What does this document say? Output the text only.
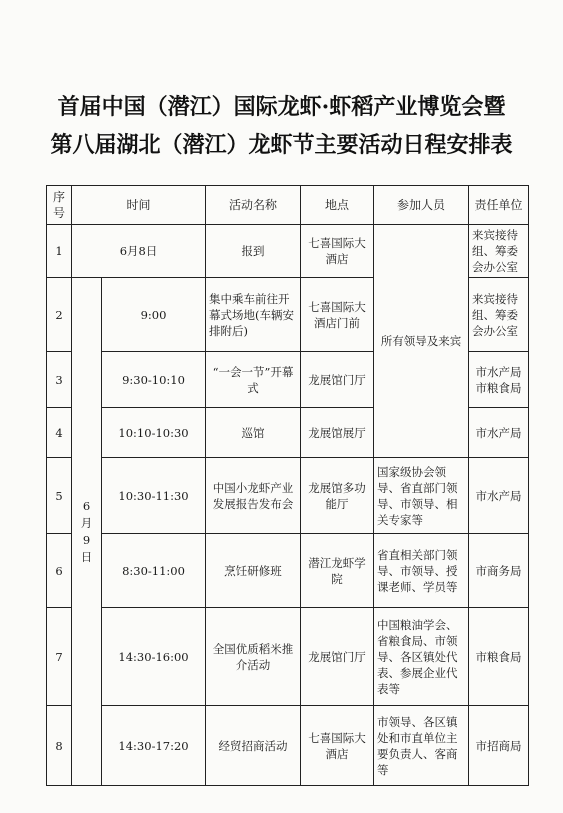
首届中国（潜江）国际龙虾·虾稻产业博览会暨
第八届湖北（潜江）龙虾节主要活动日程安排表
序号	时间		活动名称	地点	参加人员	责任单位
1	6月8日		报到	七喜国际大酒店	所有领导及来宾	来宾接待组、筹委会办公室
2	6月9日	9:00	集中乘车前往开幕式场地(车辆安排附后)	七喜国际大酒店门前		来宾接待组、筹委会办公室
3		9:30-10:10	“一会一节”开幕式	龙展馆门厅		市水产局市粮食局
4		10:10-10:30	巡馆	龙展馆展厅		市水产局
5		10:30-11:30	中国小龙虾产业发展报告发布会	龙展馆多功能厅	国家级协会领导、省直部门领导、市领导、相关专家等	市水产局
6		8:30-11:00	烹饪研修班	潜江龙虾学院	省直相关部门领导、市领导、授课老师、学员等	市商务局
7		14:30-16:00	全国优质稻米推介活动	龙展馆门厅	中国粮油学会、省粮食局、市领导、各区镇处代表、参展企业代表等	市粮食局
8		14:30-17:20	经贸招商活动	七喜国际大酒店	市领导、各区镇处和市直单位主要负责人、客商等	市招商局
